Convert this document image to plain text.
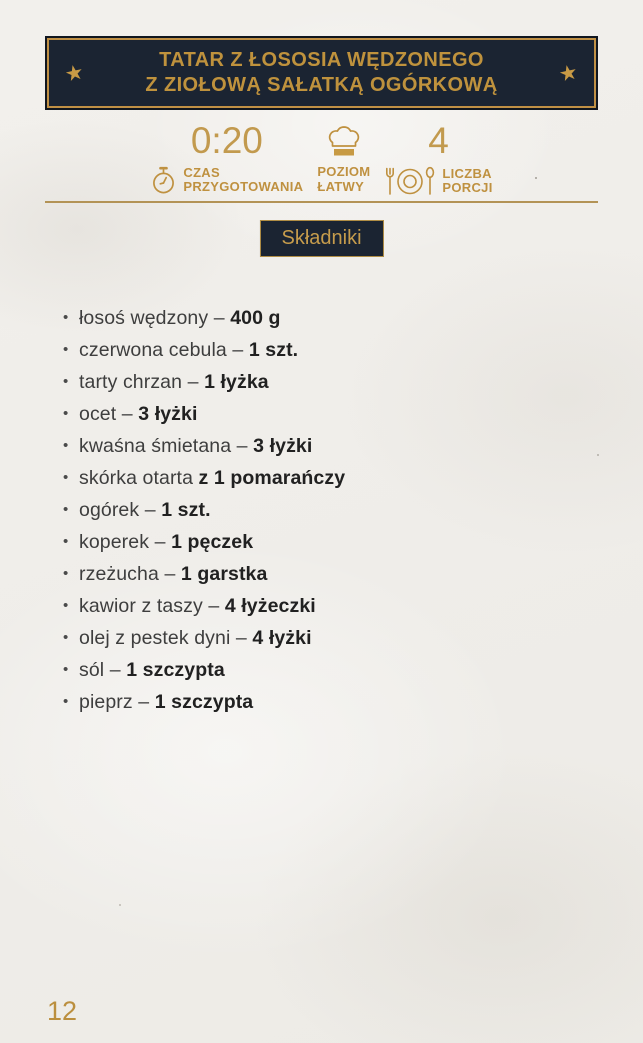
★	TATAR Z ŁOSOSIA WĘDZONEGO
Z ZIOŁOWĄ SAŁATKĄ OGÓRKOWĄ	★
0:20
CZAS
PRZYGOTOWANIA
POZIOM
ŁATWY
4
LICZBA
PORCJI
Składniki
• łosoś wędzony – 400 g
• czerwona cebula – 1 szt.
• tarty chrzan – 1 łyżka
• ocet – 3 łyżki
• kwaśna śmietana – 3 łyżki
• skórka otarta z 1 pomarańczy
• ogórek – 1 szt.
• koperek – 1 pęczek
• rzeżucha – 1 garstka
• kawior z taszy – 4 łyżeczki
• olej z pestek dyni – 4 łyżki
• sól – 1 szczypta
• pieprz – 1 szczypta
12
